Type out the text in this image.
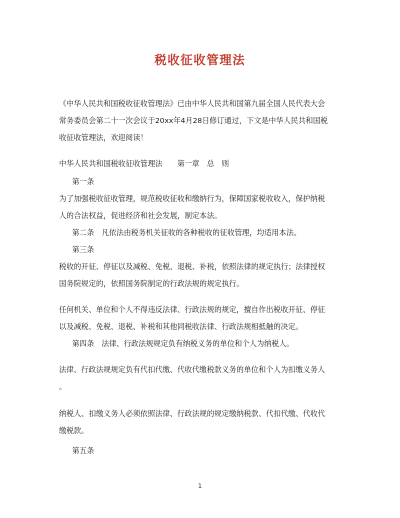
税收征收管理法
《中华人民共和国税收征收管理法》已由中华人民共和国第九届全国人民代表大会
常务委员会第二十一次会议于20xx年4月28日修订通过，下文是中华人民共和国税
收征收管理法，欢迎阅读！
中华人民共和国税收征收管理法　　第一章　总　则
第一条
为了加强税收征收管理，规范税收征收和缴纳行为，保障国家税收收入，保护纳税
人的合法权益，促进经济和社会发展，制定本法。
第二条　凡依法由税务机关征收的各种税收的征收管理，均适用本法。
第三条
税收的开征、停征以及减税、免税、退税、补税，依照法律的规定执行；法律授权
国务院规定的，依照国务院制定的行政法规的规定执行。
任何机关、单位和个人不得违反法律、行政法规的规定，擅自作出税收开征、停征
以及减税、免税、退税、补税和其他同税收法律、行政法规相抵触的决定。
第四条　法律、行政法规规定负有纳税义务的单位和个人为纳税人。
法律、行政法规规定负有代扣代缴、代收代缴税款义务的单位和个人为扣缴义务人
。
纳税人、扣缴义务人必须依照法律、行政法规的规定缴纳税款、代扣代缴、代收代
缴税款。
第五条
1
